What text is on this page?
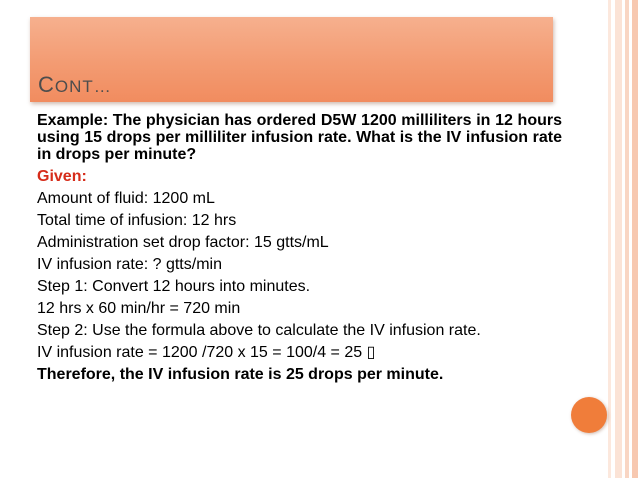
CONT…
Example: The physician has ordered D5W 1200 milliliters in 12 hours using 15 drops per milliliter infusion rate. What is the IV infusion rate in drops per minute?
Given:
Amount of fluid: 1200 mL
Total time of infusion: 12 hrs
Administration set drop factor: 15 gtts/mL
IV infusion rate: ? gtts/min
Step 1: Convert 12 hours into minutes.
12 hrs x 60 min/hr = 720 min
Step 2: Use the formula above to calculate the IV infusion rate.
IV infusion rate = 1200 /720 x 15 = 100/4 = 25 ▯
Therefore, the IV infusion rate is 25 drops per minute.
